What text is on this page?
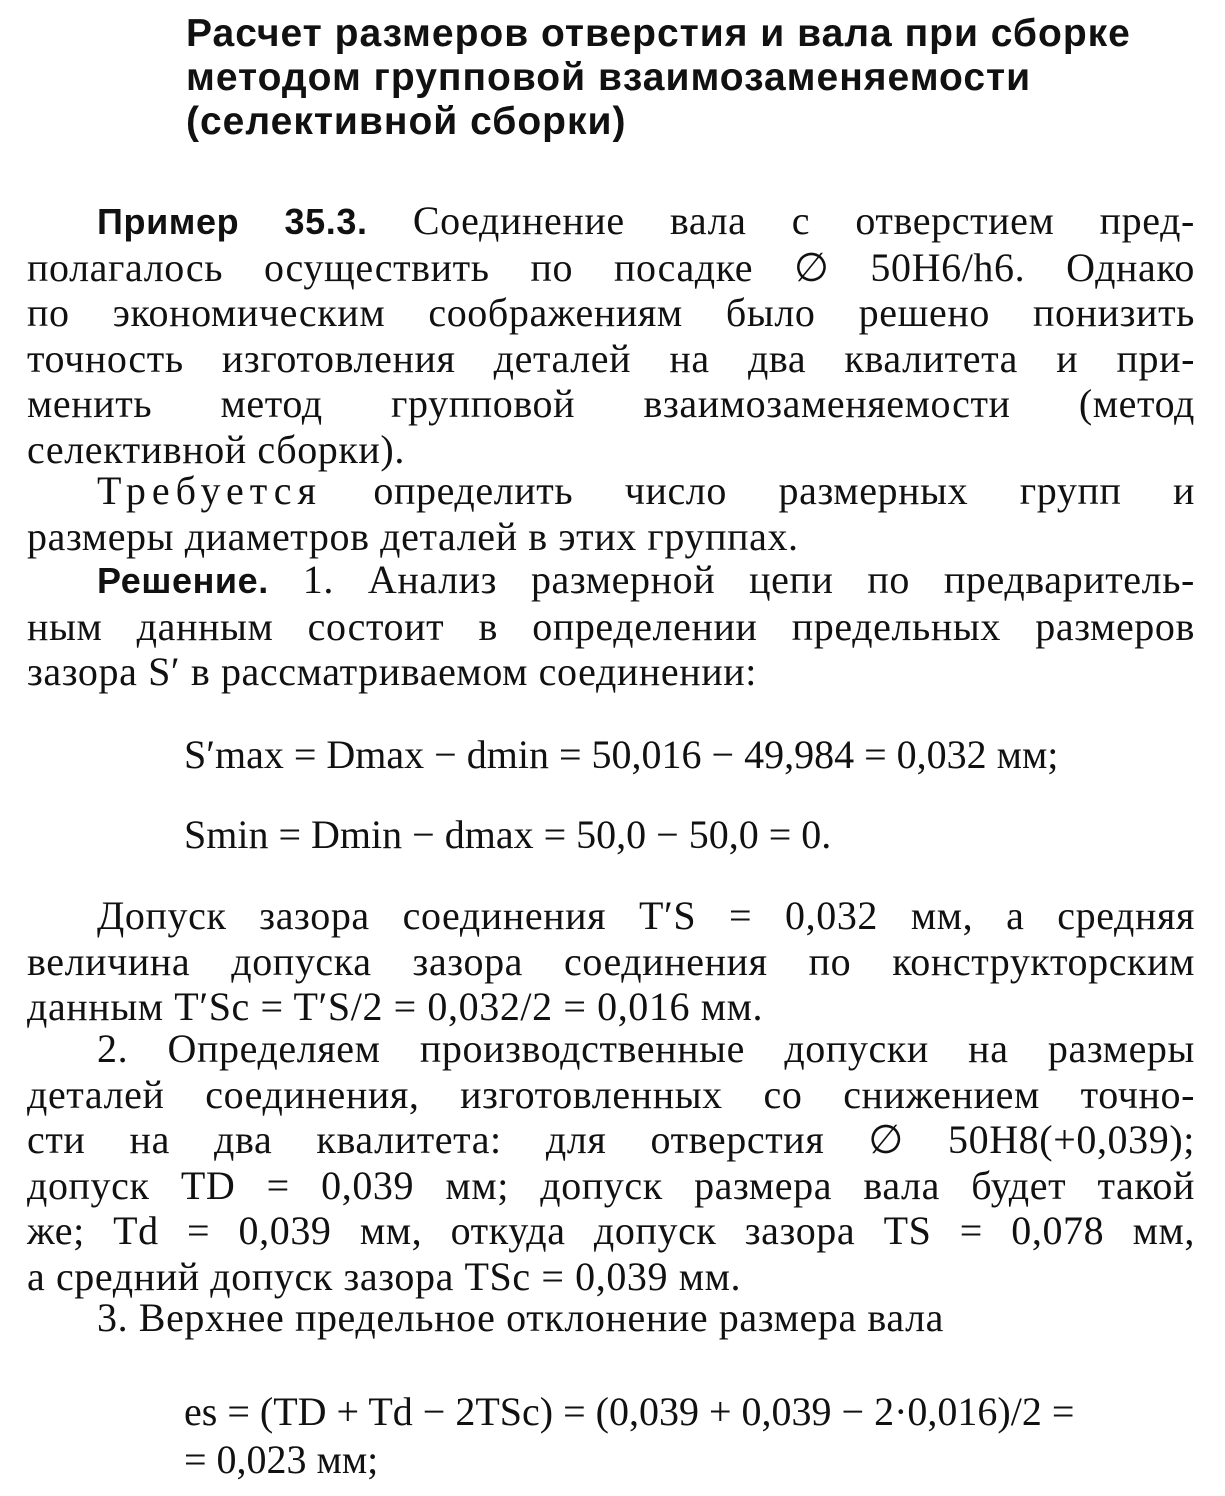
Расчет размеров отверстия и вала при сборке
методом групповой взаимозаменяемости
(селективной сборки)
Пример 35.3. Соединение вала с отверстием пред-
полагалось осуществить по посадке ∅ 50H6/h6. Однако
по экономическим соображениям было решено понизить
точность изготовления деталей на два квалитета и при-
менить метод групповой взаимозаменяемости (метод
селективной сборки).
Требуется определить число размерных групп и
размеры диаметров деталей в этих группах.
Решение. 1. Анализ размерной цепи по предваритель-
ным данным состоит в определении предельных размеров
зазора S′ в рассматриваемом соединении:
S′max = Dmax − dmin = 50,016 − 49,984 = 0,032 мм;
Smin = Dmin − dmax = 50,0 − 50,0 = 0.
Допуск зазора соединения T′S = 0,032 мм, а средняя
величина допуска зазора соединения по конструкторским
данным T′Sc = T′S/2 = 0,032/2 = 0,016 мм.
2. Определяем производственные допуски на размеры
деталей соединения, изготовленных со снижением точно-
сти на два квалитета: для отверстия ∅ 50H8(+0,039);
допуск TD = 0,039 мм; допуск размера вала будет такой
же; Td = 0,039 мм, откуда допуск зазора TS = 0,078 мм,
а средний допуск зазора TSc = 0,039 мм.
3. Верхнее предельное отклонение размера вала
es = (TD + Td − 2TSc) = (0,039 + 0,039 − 2·0,016)/2 =
= 0,023 мм;
